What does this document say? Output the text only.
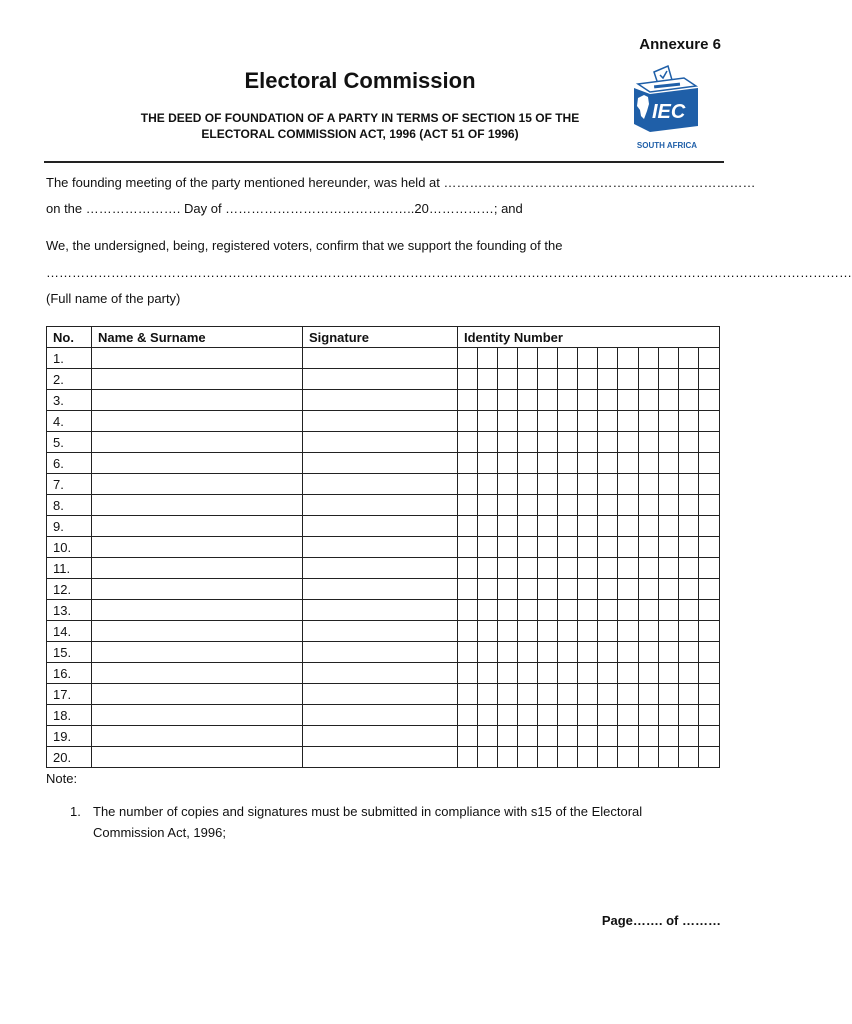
Annexure 6
Electoral Commission
THE DEED OF FOUNDATION OF A PARTY IN TERMS OF SECTION 15 OF THE
ELECTORAL COMMISSION ACT, 1996 (ACT 51 OF 1996)
IEC
SOUTH AFRICA
The founding meeting of the party mentioned hereunder, was held at ………………………………………………………………
on the …………………. Day of ……………………………………..20……………; and
We, the undersigned, being, registered voters, confirm that we support the founding of the
……………………………………………………………………………………………………………………………………………………………………
(Full name of the party)
No.	Name & Surname	Signature	Identity Number												
1.															
2.															
3.															
4.															
5.															
6.															
7.															
8.															
9.															
10.															
11.															
12.															
13.															
14.															
15.															
16.															
17.															
18.															
19.															
20.															
Note:
1. The number of copies and signatures must be submitted in compliance with s15 of the Electoral Commission Act, 1996;
Page……. of ………
